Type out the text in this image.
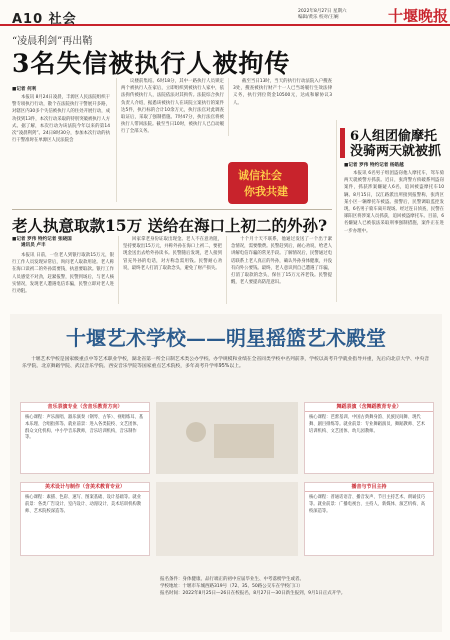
A10 社会
2022年8月27日 星期六
编辑/黄乐 校对/王娴	十堰晚报
“凌晨利剑”再出鞘
3名失信被执行人被拘传
■记者 何利
本报讯 8月24日凌晨，丰源区人民法院组织干警专项执行行动，散个在法院执行干警展开多路，对辖区内30多个失信被执行人的住处开展行动，成功找到13件，本次行动采取的特别突破被执行人方式。据了解，本次行动为该法院今年以来的第14次“凌晨利剑”。24日8时30分，参加本次行动的执行干警准时在单源区人民法院会
议楼前集结。6时18分，其中一路执行人员锁定两个被执行人在家后，立即组织到被执行人家中，依法拘传被执行人，法院依法对其拘传。法院综合执行负责人介绍，据悉该被执行人在该院立案执行的案件达5件，执行标的合计10余万元，执行法官对此调查取证后，采取了强制措施。7时47分，执行法官将被执行人带回法院。截至当日10时，被执行人已自动履行了全部义务。
截至当日13时，当天的执行行动法院入户搜查3处，搜查被执行财产十一人已当场履行生效法律义务，执行到位资金10500元，达成和解协议3人。
诚信社会
你我共建
6人组团偷摩托 没骑两天就被抓
■记者 罗伟 特约记者 杨皓越
本报讯 6名男子组团盗窃他人摩托车，驾车骑两天就被警方抓获。近日，张湾警方侦破系列盗窃案件，抓获涉案嫌疑人6名，追回被盗摩托车10辆。8月15日，汉江路派出所接到报警称，张湾区某小区一辆摩托车被盗。接警后，民警调取监控发现，6名男子骑车离开现场。经过连日侦查，民警在郧阳区将涉案人员抓获，追回被盗摩托车。目前，6名嫌疑人已被依法采取刑事强制措施，案件正在进一步办理中。
老人执意取款15万 送给在海口上初二的外孙?
■记者 罗伟 特约记者 张晓国
通讯员 卢丰
本报讯 日前，一位老人到银行取款15万元，银行工作人员发现异常后，询问老人取款用途。老人称在海口读初二的外孙需要钱，执意要取款。银行工作人员感觉不对劲，赶紧报警，民警到场后，与老人核实情况，发现老人遭遇电信诈骗，民警立即对老人进行劝阻。
回家拿老身份证取出现金。老人不在意劝阻，坚持要取出15万元，并称外孙在海口上初二，要把现金送出去给外孙读书。民警随后发现，老人接到冒充外孙的电话，对方称急需用钱。民警耐心劝说，最终老人打消了取款念头，避免了财产损失。
十个月十天不联系，他通过发送了一个出于紧急情况，需要缴费。民警赶到后，耐心劝说，给老人讲解电信诈骗的常见手段。了解情况后，民警通过电话联系上老人真正的外孙，确认外孙身体健康，并没有向外公要钱。最终，老人意识到自己遭遇了诈骗，打消了取款的念头，保住了15万元养老钱。民警提醒，老人要提高防范意识。
十堰艺术学校——明星摇篮艺术殿堂
十堰艺术学校是国家级重点中等艺术职业学校，湖北省第一所全日制艺术类公办学校。办学规模和业绩在全省同类学校中名列前茅，学校以高考升学就业指导并重，先后向北京大学、中央音乐学院、北京舞蹈学院、武汉音乐学院、西安音乐学院等国家重点艺术院校，多年高考升学率95%以上。
音乐表演专业（含音乐教育方向）
核心课程：声乐演唱、器乐演奏（钢琴、古筝）、视唱练耳、基本乐理、合唱指挥等。就业前景：进入各类院校、文艺团体、群众文化机构、中小学音乐教师，音乐培训机构，音乐制作等。
舞蹈表演（含舞蹈教育专业）
核心课程：芭蕾基训、中国古典舞身韵、民族民间舞、现代舞、剧目排练等。就业前景：专业舞蹈演员、舞蹈教师、艺术培训机构、文艺团体、幼儿园教师。
美术设计与制作（含美术教育专业）
核心课程：素描、色彩、速写、图案基础、设计基础等。就业前景：各类广告设计、室内设计、动漫设计、美术培训机构教师、艺术院校深造等。
播音与节目主持
核心课程：普通话语音、播音发声、节目主持艺术、朗诵技巧等。就业前景：广播电视台、主持人、新媒体、演艺机构、高校深造等。
报名条件：身体健康、品行端正的初中应届毕业生、中考落榜学生或者。
学校地址：十堰市车城西路319号（72、35、50路公交车在学校门口）
报名时间：2022年8月25日—26日在校报名，8月27日—30日新生报到，9月1日正式开学。
